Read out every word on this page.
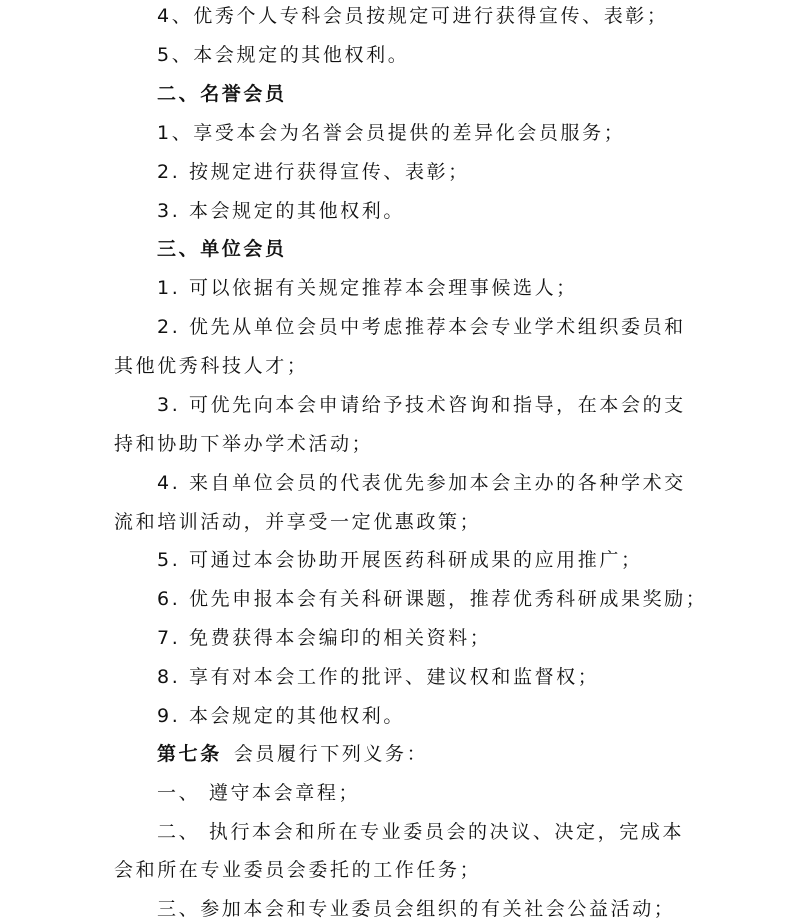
4、优秀个人专科会员按规定可进行获得宣传、表彰；
5、本会规定的其他权利。
二、名誉会员
1、享受本会为名誉会员提供的差异化会员服务；
2. 按规定进行获得宣传、表彰；
3. 本会规定的其他权利。
三、单位会员
1. 可以依据有关规定推荐本会理事候选人；
2. 优先从单位会员中考虑推荐本会专业学术组织委员和
其他优秀科技人才；
3. 可优先向本会申请给予技术咨询和指导，在本会的支
持和协助下举办学术活动；
4. 来自单位会员的代表优先参加本会主办的各种学术交
流和培训活动，并享受一定优惠政策；
5. 可通过本会协助开展医药科研成果的应用推广；
6. 优先申报本会有关科研课题，推荐优秀科研成果奖励；
7. 免费获得本会编印的相关资料；
8. 享有对本会工作的批评、建议权和监督权；
9. 本会规定的其他权利。
第七条 会员履行下列义务：
一、 遵守本会章程；
二、 执行本会和所在专业委员会的决议、决定，完成本
会和所在专业委员会委托的工作任务；
三、参加本会和专业委员会组织的有关社会公益活动；
